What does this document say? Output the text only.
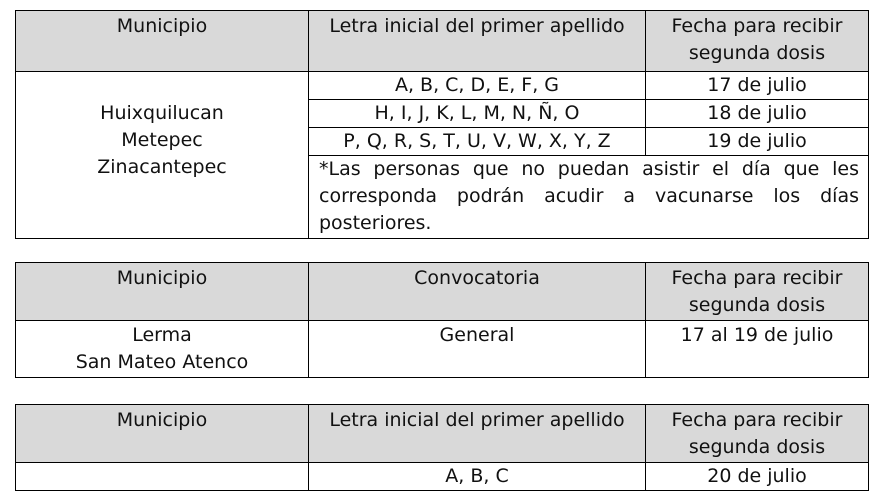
Municipio	Letra inicial del primer apellido	Fecha para recibir segunda dosis

Huixquilucan
Metepec
Zinacantepec	A, B, C, D, E, F, G	17 de julio
	H, I, J, K, L, M, N, Ñ, O	18 de julio
	P, Q, R, S, T, U, V, W, X, Y, Z	19 de julio
	*Las personas que no puedan asistir el día que les corresponda podrán acudir a vacunarse los días posteriores.	
Municipio	Convocatoria	Fecha para recibir segunda dosis

Lerma
San Mateo Atenco	General	17 al 19 de julio
Municipio	Letra inicial del primer apellido	Fecha para recibir segunda dosis
	A, B, C	20 de julio
